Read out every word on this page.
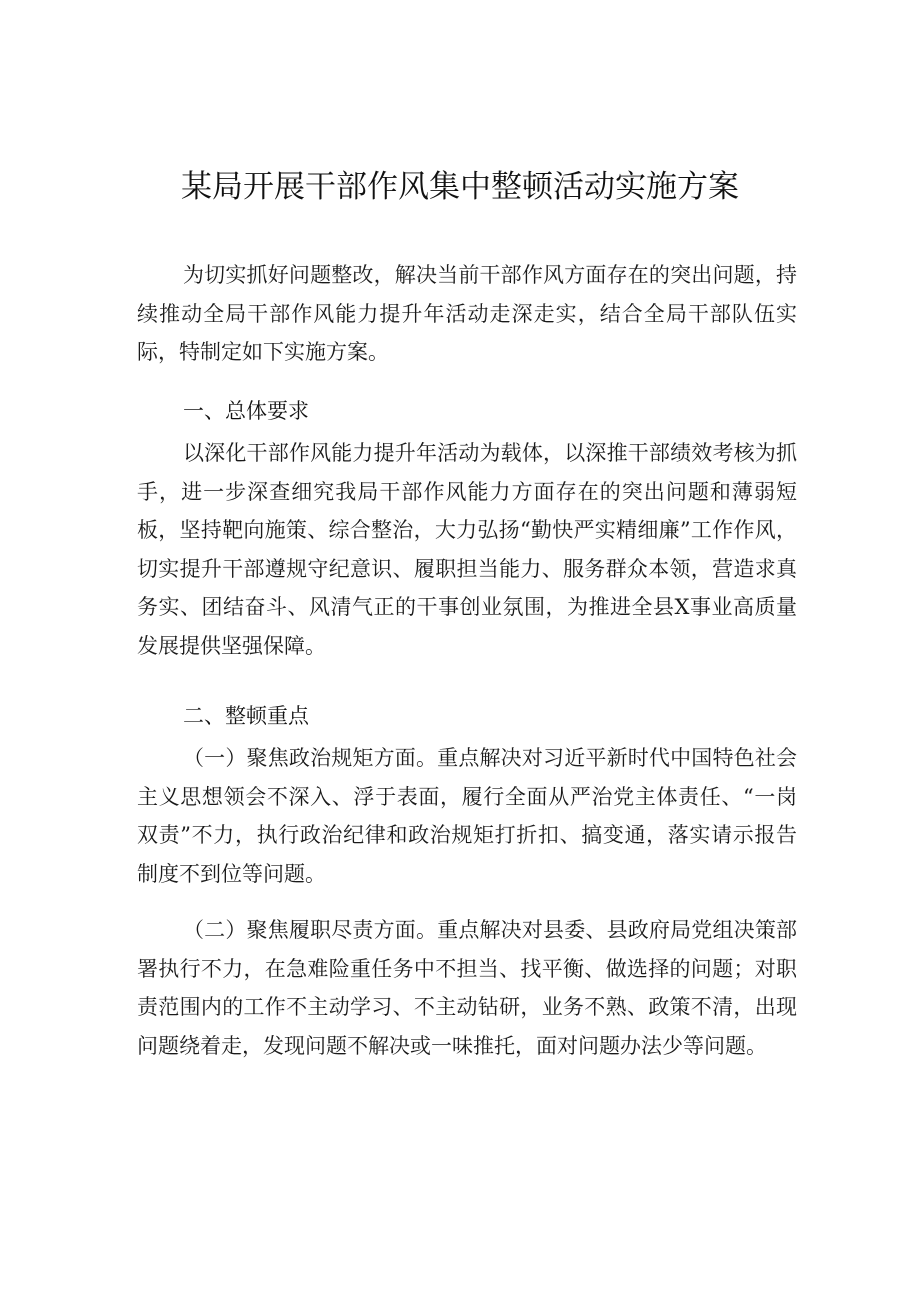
某局开展干部作风集中整顿活动实施方案

为切实抓好问题整改，解决当前干部作风方面存在的突出问题，持续推动全局干部作风能力提升年活动走深走实，结合全局干部队伍实际，特制定如下实施方案。

一、总体要求

以深化干部作风能力提升年活动为载体，以深推干部绩效考核为抓手，进一步深查细究我局干部作风能力方面存在的突出问题和薄弱短板，坚持靶向施策、综合整治，大力弘扬“勤快严实精细廉”工作作风，切实提升干部遵规守纪意识、履职担当能力、服务群众本领，营造求真务实、团结奋斗、风清气正的干事创业氛围，为推进全县X事业高质量发展提供坚强保障。

二、整顿重点

（一）聚焦政治规矩方面。重点解决对习近平新时代中国特色社会主义思想领会不深入、浮于表面，履行全面从严治党主体责任、“一岗双责”不力，执行政治纪律和政治规矩打折扣、搞变通，落实请示报告制度不到位等问题。

（二）聚焦履职尽责方面。重点解决对县委、县政府局党组决策部署执行不力，在急难险重任务中不担当、找平衡、做选择的问题；对职责范围内的工作不主动学习、不主动钻研，业务不熟、政策不清，出现问题绕着走，发现问题不解决或一味推托，面对问题办法少等问题。
